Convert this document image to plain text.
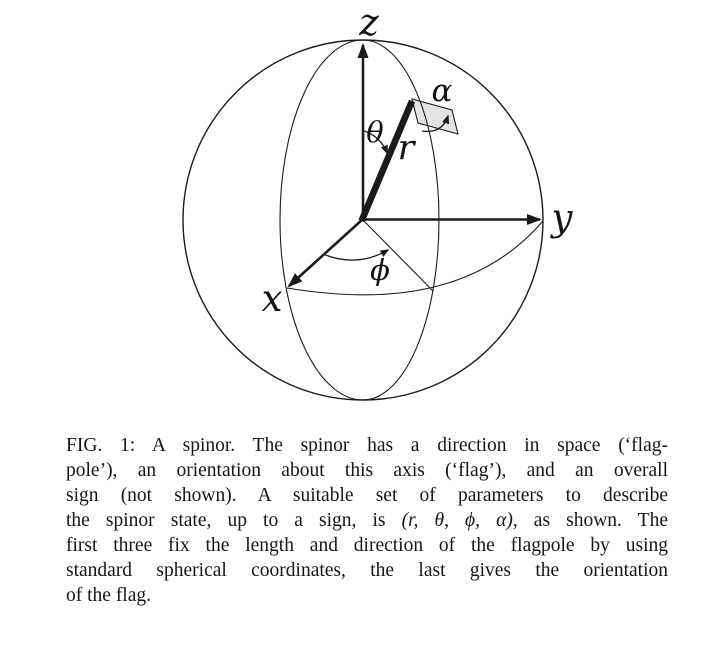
z
y
x
r
θ
ϕ
α
FIG. 1: A spinor. The spinor has a direction in space (‘flag-
pole’), an orientation about this axis (‘flag’), and an overall
sign (not shown). A suitable set of parameters to describe
the spinor state, up to a sign, is (r, θ, ϕ, α), as shown. The
first three fix the length and direction of the flagpole by using
standard spherical coordinates, the last gives the orientation
of the flag.
